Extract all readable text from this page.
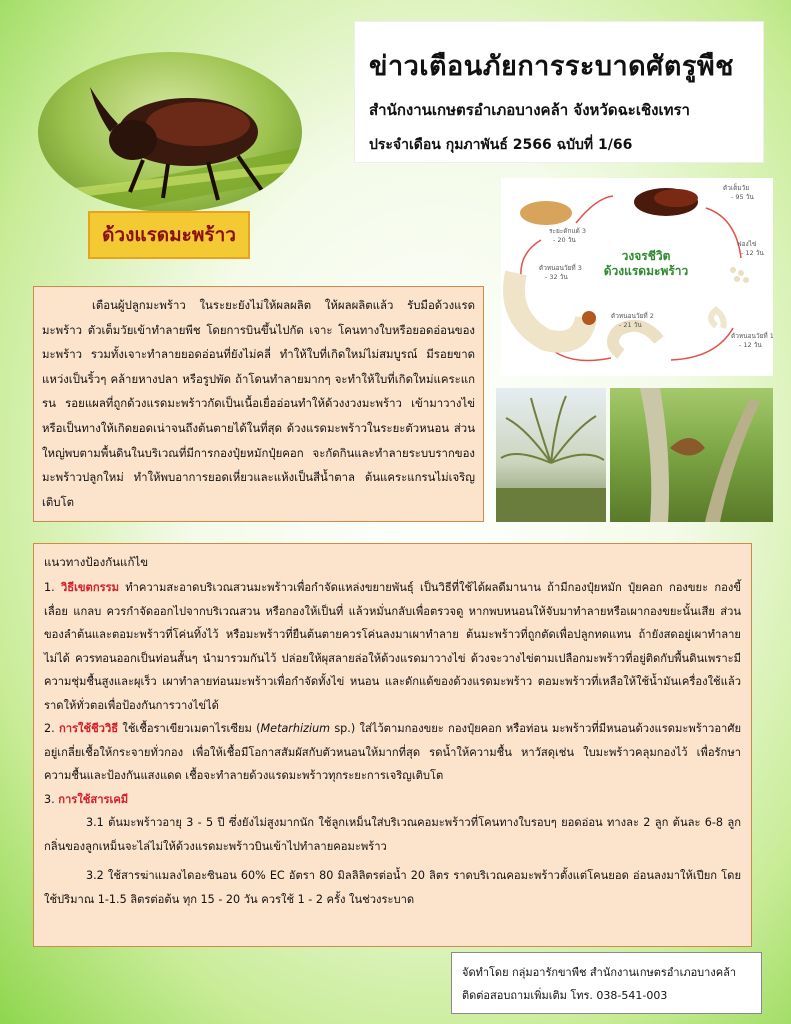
ด้วงแรดมะพร้าว
ข่าวเตือนภัยการระบาดศัตรูพืช
สำนักงานเกษตรอำเภอบางคล้า จังหวัดฉะเชิงเทรา
ประจำเดือน กุมภาพันธ์ 2566 ฉบับที่ 1/66
วงจรชีวิต
ด้วงแรดมะพร้าว
ตัวเต็มวัย
- 95 วัน
ฟองไข่
- 12 วัน
ตัวหนอนวัยที่ 1
- 12 วัน
ตัวหนอนวัยที่ 2
- 21 วัน
ตัวหนอนวัยที่ 3
- 32 วัน
ระยะดักแด้ 3
- 20 วัน

เตือนผู้ปลูกมะพร้าว ในระยะยังไม่ให้ผลผลิต ให้ผลผลิตแล้ว รับมือด้วงแรดมะพร้าว ตัวเต็มวัยเข้าทำลายพืช โดยการบินขึ้นไปกัด เจาะ โคนทางใบหรือยอดอ่อนของมะพร้าว รวมทั้งเจาะทำลายยอดอ่อนที่ยังไม่คลี่ ทำให้ใบที่เกิดใหม่ไม่สมบูรณ์ มีรอยขาดแหว่งเป็นริ้วๆ คล้ายหางปลา หรือรูปพัด ถ้าโดนทำลายมากๆ จะทำให้ใบที่เกิดใหม่แคระแกรน รอยแผลที่ถูกด้วงแรดมะพร้าวกัดเป็นเนื้อเยื่ออ่อนทำให้ด้วงงวงมะพร้าว เข้ามาวางไข่ หรือเป็นทางให้เกิดยอดเน่าจนถึงต้นตายได้ในที่สุด ด้วงแรดมะพร้าวในระยะตัวหนอน ส่วนใหญ่พบตามพื้นดินในบริเวณที่มีการกองปุ๋ยหมักปุ๋ยคอก จะกัดกินและทำลายระบบรากของมะพร้าวปลูกใหม่ ทำให้พบอาการยอดเหี่ยวและแห้งเป็นสีน้ำตาล ต้นแคระแกรนไม่เจริญเติบโต

แนวทางป้องกันแก้ไข

1. วิธีเขตกรรม ทำความสะอาดบริเวณสวนมะพร้าวเพื่อกำจัดแหล่งขยายพันธุ์ เป็นวิธีที่ใช้ได้ผลดีมานาน ถ้ามีกองปุ๋ยหมัก ปุ๋ยคอก กองขยะ กองขี้เลื่อย แกลบ ควรกำจัดออกไปจากบริเวณสวน หรือกองให้เป็นที่ แล้วหมั่นกลับเพื่อตรวจดู หากพบหนอนให้จับมาทำลายหรือเผากองขยะนั้นเสีย ส่วนของลำต้นและตอมะพร้าวที่โค่นทิ้งไว้ หรือมะพร้าวที่ยืนต้นตายควรโค่นลงมาเผาทำลาย ต้นมะพร้าวที่ถูกตัดเพื่อปลูกทดแทน ถ้ายังสดอยู่เผาทำลายไม่ได้ ควรทอนออกเป็นท่อนสั้นๆ นำมารวมกันไว้ ปล่อยให้ผุสลายล่อให้ด้วงแรดมาวางไข่ ด้วงจะวางไข่ตามเปลือกมะพร้าวที่อยู่ติดกับพื้นดินเพราะมีความชุ่มชื้นสูงและผุเร็ว เผาทำลายท่อนมะพร้าวเพื่อกำจัดทั้งไข่ หนอน และดักแด้ของด้วงแรดมะพร้าว ตอมะพร้าวที่เหลือให้ใช้น้ำมันเครื่องใช้แล้วราดให้ทั่วตอเพื่อป้องกันการวางไข่ได้

2. การใช้ชีววิธี ใช้เชื้อราเขียวเมตาไรเซียม (Metarhizium sp.) ใส่ไว้ตามกองขยะ กองปุ๋ยคอก หรือท่อน มะพร้าวที่มีหนอนด้วงแรดมะพร้าวอาศัยอยู่เกลี่ยเชื้อให้กระจายทั่วกอง เพื่อให้เชื้อมีโอกาสสัมผัสกับตัวหนอนให้มากที่สุด รดน้ำให้ความชื้น หาวัสดุเช่น ใบมะพร้าวคลุมกองไว้ เพื่อรักษาความชื้นและป้องกันแสงแดด เชื้อจะทำลายด้วงแรดมะพร้าวทุกระยะการเจริญเติบโต

3. การใช้สารเคมี

3.1 ต้นมะพร้าวอายุ 3 - 5 ปี ซึ่งยังไม่สูงมากนัก ใช้ลูกเหม็นใส่บริเวณคอมะพร้าวที่โคนทางใบรอบๆ ยอดอ่อน ทางละ 2 ลูก ต้นละ 6-8 ลูก กลิ่นของลูกเหม็นจะไล่ไม่ให้ด้วงแรดมะพร้าวบินเข้าไปทำลายคอมะพร้าว

3.2 ใช้สารฆ่าแมลงไดอะซินอน 60% EC อัตรา 80 มิลลิลิตรต่อน้ำ 20 ลิตร ราดบริเวณคอมะพร้าวตั้งแต่โคนยอด อ่อนลงมาให้เปียก โดยใช้ปริมาณ 1-1.5 ลิตรต่อต้น ทุก 15 - 20 วัน ควรใช้ 1 - 2 ครั้ง ในช่วงระบาด

จัดทำโดย กลุ่มอารักขาพืช สำนักงานเกษตรอำเภอบางคล้า
ติดต่อสอบถามเพิ่มเติม โทร. 038-541-003
